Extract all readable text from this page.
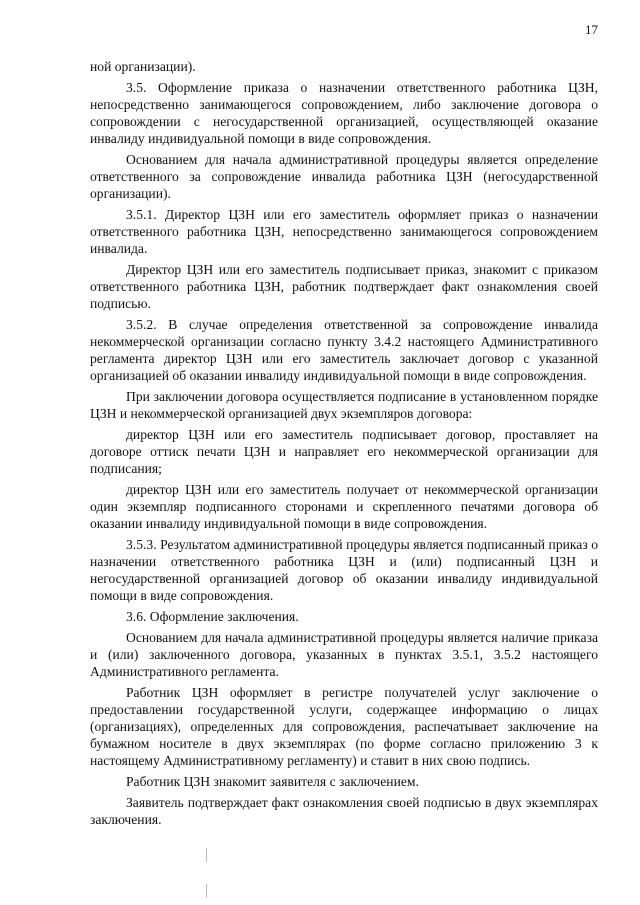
17

ной организации).

3.5. Оформление приказа о назначении ответственного работника ЦЗН, непосредственно занимающегося сопровождением, либо заключение договора о сопровождении с негосударственной организацией, осуществляющей оказание инвалиду индивидуальной помощи в виде сопровождения.

Основанием для начала административной процедуры является определение ответственного за сопровождение инвалида работника ЦЗН (негосударственной организации).

3.5.1. Директор ЦЗН или его заместитель оформляет приказ о назначении ответственного работника ЦЗН, непосредственно занимающегося сопровождением инвалида.

Директор ЦЗН или его заместитель подписывает приказ, знакомит с приказом ответственного работника ЦЗН, работник подтверждает факт ознакомления своей подписью.

3.5.2. В случае определения ответственной за сопровождение инвалида некоммерческой организации согласно пункту 3.4.2 настоящего Административного регламента директор ЦЗН или его заместитель заключает договор с указанной организацией об оказании инвалиду индивидуальной помощи в виде сопровождения.

При заключении договора осуществляется подписание в установленном порядке ЦЗН и некоммерческой организацией двух экземпляров договора:

директор ЦЗН или его заместитель подписывает договор, проставляет на договоре оттиск печати ЦЗН и направляет его некоммерческой организации для подписания;

директор ЦЗН или его заместитель получает от некоммерческой организации один экземпляр подписанного сторонами и скрепленного печатями договора об оказании инвалиду индивидуальной помощи в виде сопровождения.

3.5.3. Результатом административной процедуры является подписанный приказ о назначении ответственного работника ЦЗН и (или) подписанный ЦЗН и негосударственной организацией договор об оказании инвалиду индивидуальной помощи в виде сопровождения.

3.6. Оформление заключения.

Основанием для начала административной процедуры является наличие приказа и (или) заключенного договора, указанных в пунктах 3.5.1, 3.5.2 настоящего Административного регламента.

Работник ЦЗН оформляет в регистре получателей услуг заключение о предоставлении государственной услуги, содержащее информацию о лицах (организациях), определенных для сопровождения, распечатывает заключение на бумажном носителе в двух экземплярах (по форме согласно приложению 3 к настоящему Административному регламенту) и ставит в них свою подпись.

Работник ЦЗН знакомит заявителя с заключением.

Заявитель подтверждает факт ознакомления своей подписью в двух экземплярах заключения.
